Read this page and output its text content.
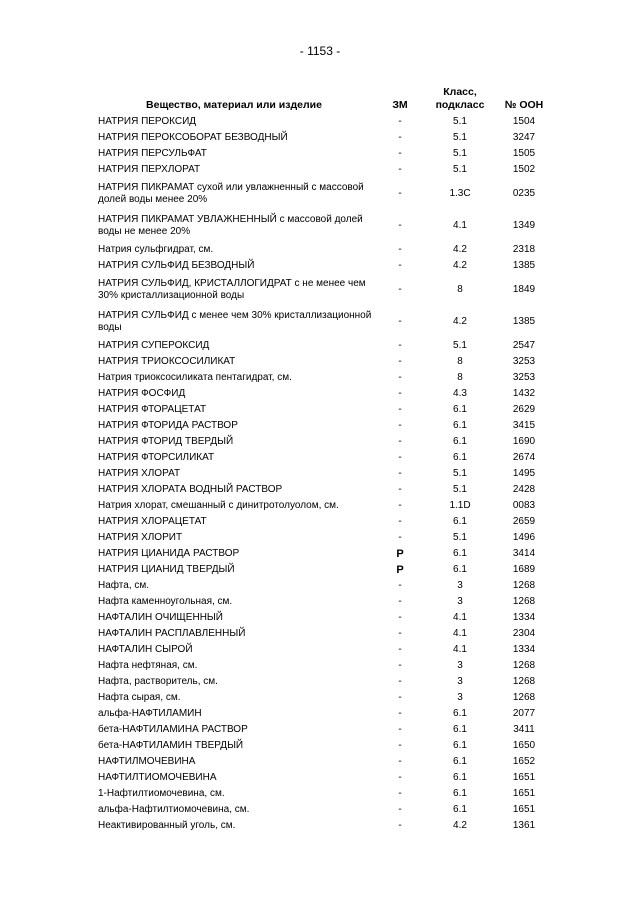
- 1153 -
Вещество, материал или изделие	ЗМ	Класс, подкласс	№ ООН
НАТРИЯ ПЕРОКСИД	-	5.1	1504
НАТРИЯ ПЕРОКСОБОРАТ БЕЗВОДНЫЙ	-	5.1	3247
НАТРИЯ ПЕРСУЛЬФАТ	-	5.1	1505
НАТРИЯ ПЕРХЛОРАТ	-	5.1	1502
НАТРИЯ ПИКРАМАТ сухой или увлажненный с массовой долей воды менее 20%	-	1.3C	0235
НАТРИЯ ПИКРАМАТ УВЛАЖНЕННЫЙ с массовой долей воды не менее 20%	-	4.1	1349
Натрия сульфгидрат, см.	-	4.2	2318
НАТРИЯ СУЛЬФИД БЕЗВОДНЫЙ	-	4.2	1385
НАТРИЯ СУЛЬФИД, КРИСТАЛЛОГИДРАТ с не менее чем 30% кристаллизационной воды	-	8	1849
НАТРИЯ СУЛЬФИД с менее чем 30% кристаллизационной воды	-	4.2	1385
НАТРИЯ СУПЕРОКСИД	-	5.1	2547
НАТРИЯ ТРИОКСОСИЛИКАТ	-	8	3253
Натрия триоксосиликата пентагидрат, см.	-	8	3253
НАТРИЯ ФОСФИД	-	4.3	1432
НАТРИЯ ФТОРАЦЕТАТ	-	6.1	2629
НАТРИЯ ФТОРИДА РАСТВОР	-	6.1	3415
НАТРИЯ ФТОРИД ТВЕРДЫЙ	-	6.1	1690
НАТРИЯ ФТОРСИЛИКАТ	-	6.1	2674
НАТРИЯ ХЛОРАТ	-	5.1	1495
НАТРИЯ ХЛОРАТА ВОДНЫЙ РАСТВОР	-	5.1	2428
Натрия хлорат, смешанный с динитротолуолом, см.	-	1.1D	0083
НАТРИЯ ХЛОРАЦЕТАТ	-	6.1	2659
НАТРИЯ ХЛОРИТ	-	5.1	1496
НАТРИЯ ЦИАНИДА РАСТВОР	P	6.1	3414
НАТРИЯ ЦИАНИД ТВЕРДЫЙ	P	6.1	1689
Нафта, см.	-	3	1268
Нафта каменноугольная, см.	-	3	1268
НАФТАЛИН ОЧИЩЕННЫЙ	-	4.1	1334
НАФТАЛИН РАСПЛАВЛЕННЫЙ	-	4.1	2304
НАФТАЛИН СЫРОЙ	-	4.1	1334
Нафта нефтяная, см.	-	3	1268
Нафта, растворитель, см.	-	3	1268
Нафта сырая, см.	-	3	1268
альфа-НАФТИЛАМИН	-	6.1	2077
бета-НАФТИЛАМИНА РАСТВОР	-	6.1	3411
бета-НАФТИЛАМИН ТВЕРДЫЙ	-	6.1	1650
НАФТИЛМОЧЕВИНА	-	6.1	1652
НАФТИЛТИОМОЧЕВИНА	-	6.1	1651
1-Нафтилтиомочевина, см.	-	6.1	1651
альфа-Нафтилтиомочевина, см.	-	6.1	1651
Неактивированный уголь, см.	-	4.2	1361
